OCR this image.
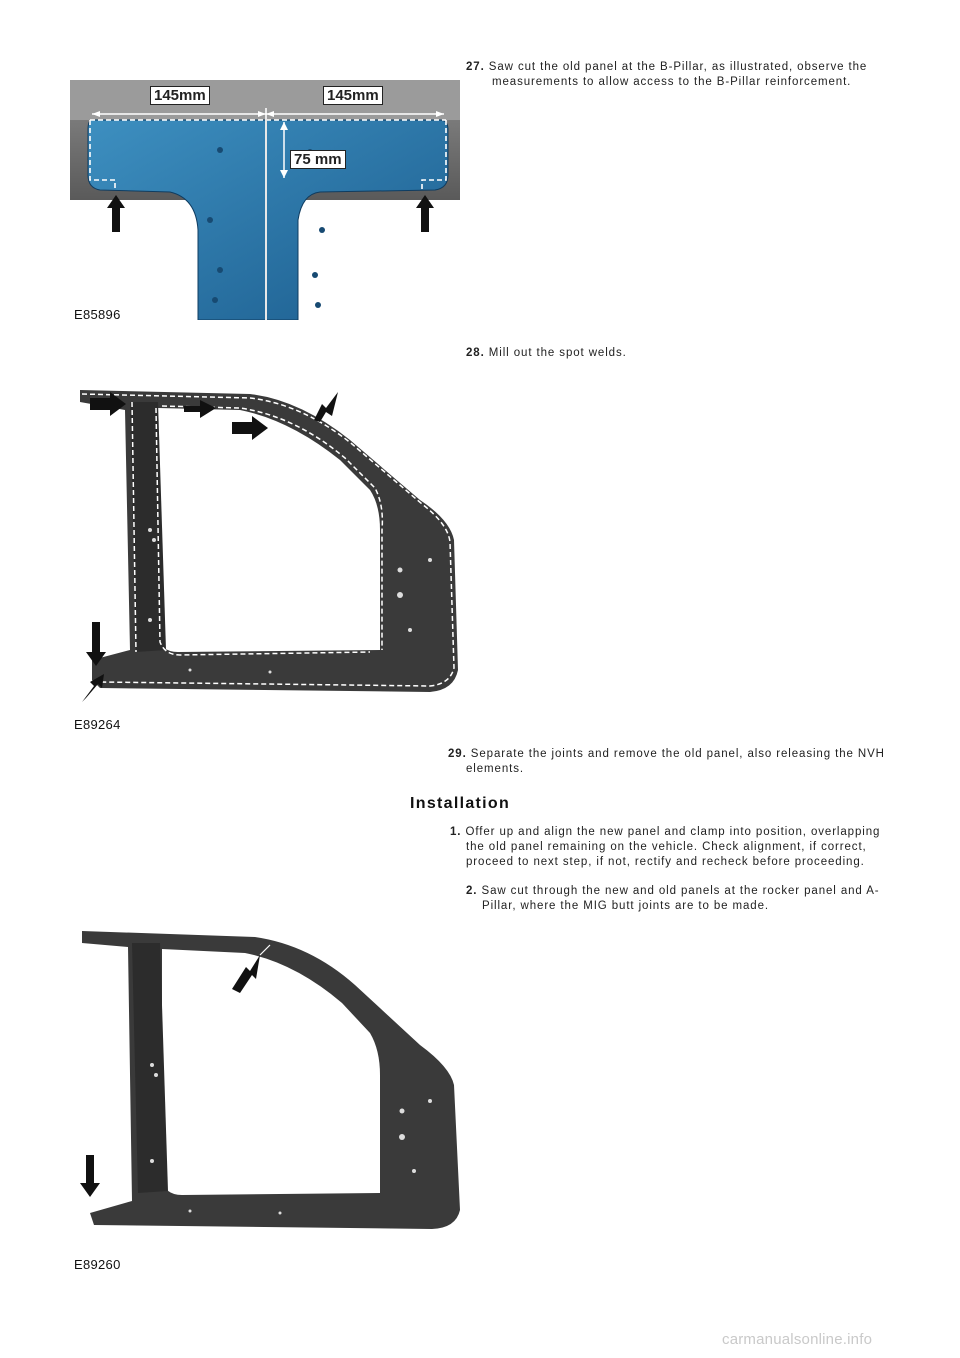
145mm	145mm
75 mm
E85896
E89264
E89260
27. Saw cut the old panel at the B-Pillar, as illustrated, observe the measurements to allow access to the B-Pillar reinforcement.
28. Mill out the spot welds.
29. Separate the joints and remove the old panel, also releasing the NVH elements.
Installation
1. Offer up and align the new panel and clamp into position, overlapping the old panel remaining on the vehicle. Check alignment, if correct, proceed to next step, if not, rectify and recheck before proceeding.
2. Saw cut through the new and old panels at the rocker panel and A-Pillar, where the MIG butt joints are to be made.
carmanualsonline.info
